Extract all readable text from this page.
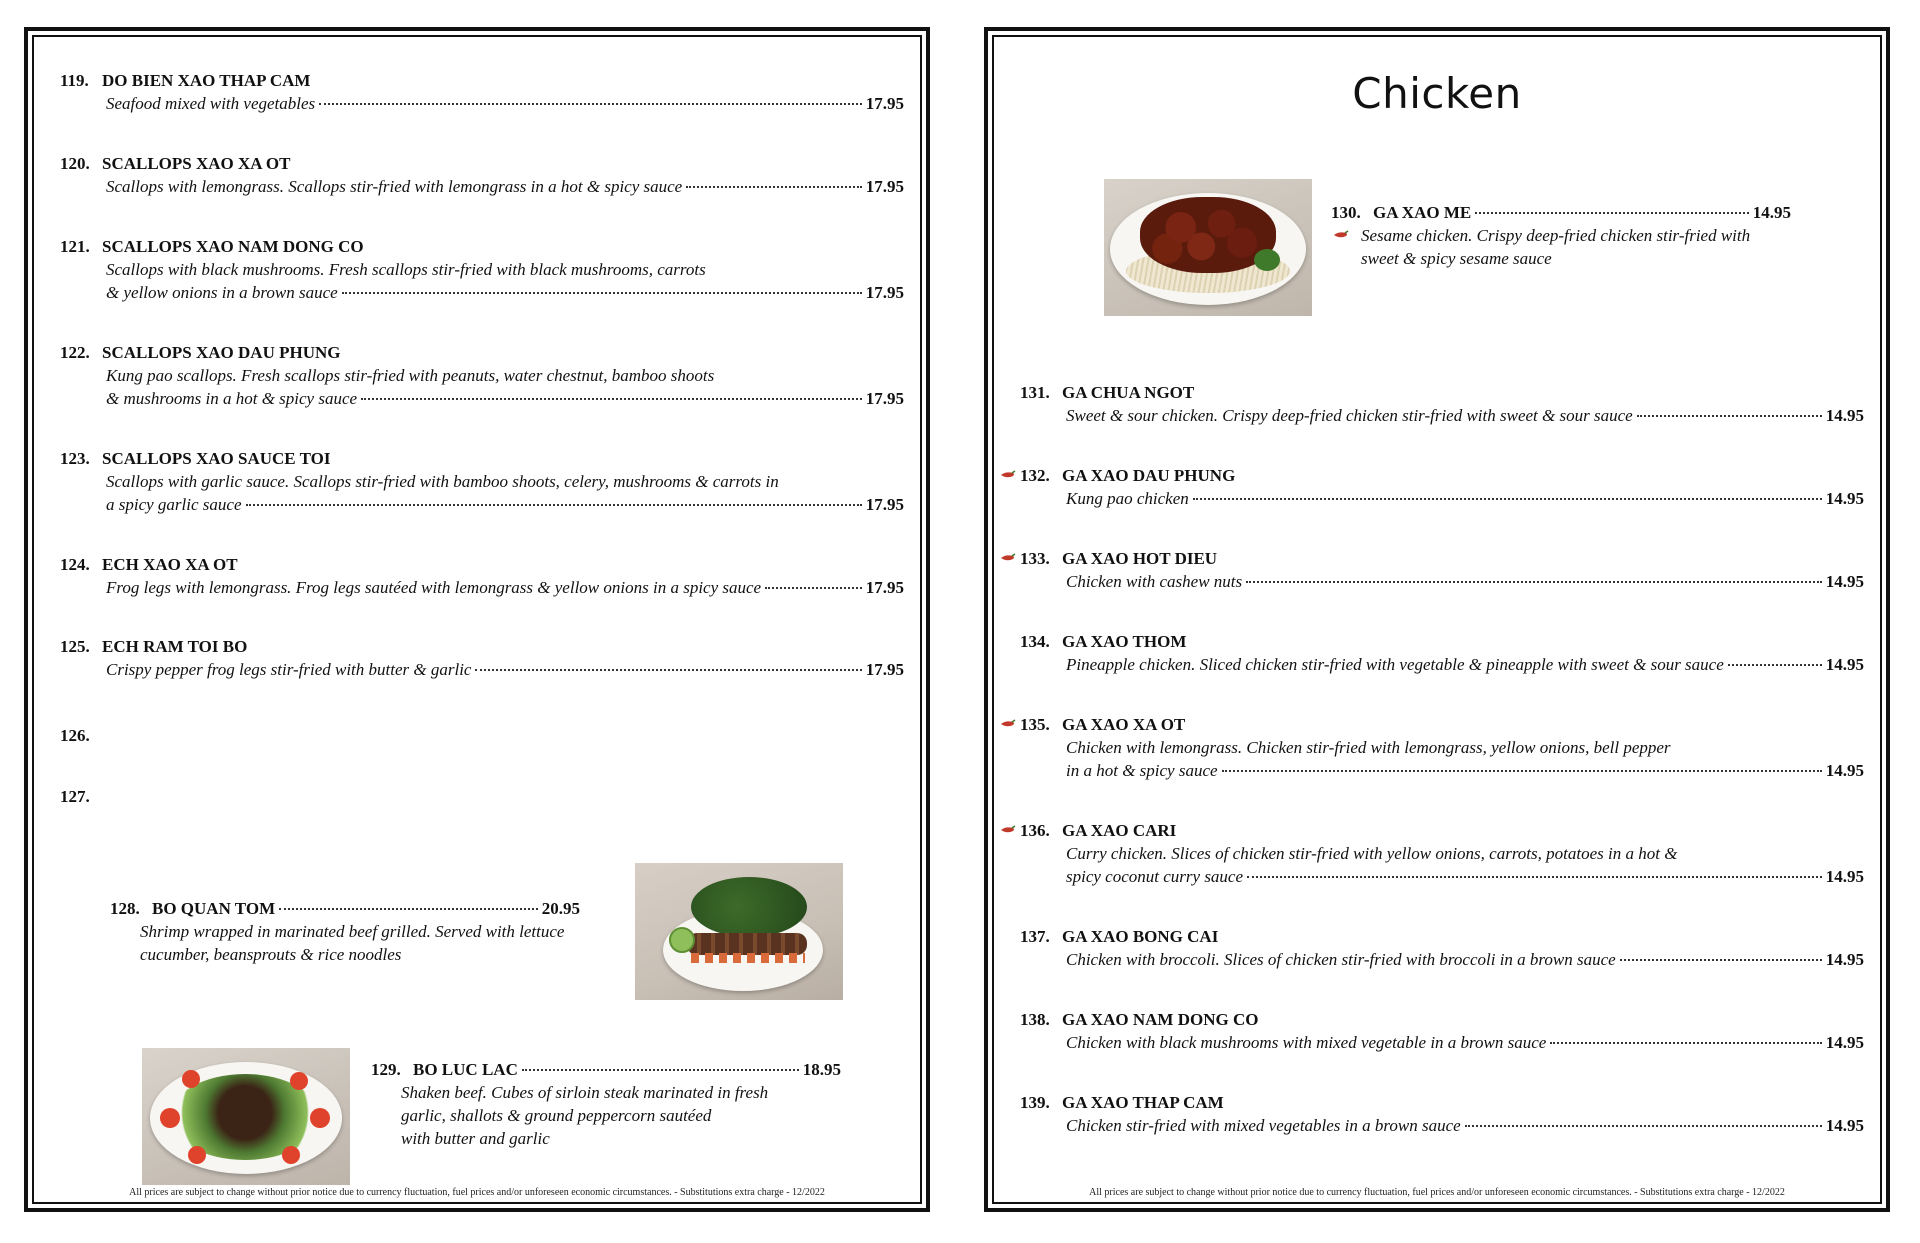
119. DO BIEN XAO THAP CAM
Seafood mixed with vegetables	17.95
120. SCALLOPS XAO XA OT
Scallops with lemongrass. Scallops stir-fried with lemongrass in a hot & spicy sauce	17.95
121. SCALLOPS XAO NAM DONG CO
Scallops with black mushrooms. Fresh scallops stir-fried with black mushrooms, carrots
& yellow onions in a brown sauce	17.95
122. SCALLOPS XAO DAU PHUNG
Kung pao scallops. Fresh scallops stir-fried with peanuts, water chestnut, bamboo shoots
& mushrooms in a hot & spicy sauce	17.95
123. SCALLOPS XAO SAUCE TOI
Scallops with garlic sauce. Scallops stir-fried with bamboo shoots, celery, mushrooms & carrots in
a spicy garlic sauce	17.95
124. ECH XAO XA OT
Frog legs with lemongrass. Frog legs sautéed with lemongrass & yellow onions in a spicy sauce	17.95
125. ECH RAM TOI BO
Crispy pepper frog legs stir-fried with butter & garlic	17.95
126.
127.
128. BO QUAN TOM	20.95
Shrimp wrapped in marinated beef grilled. Served with lettuce
cucumber, beansprouts & rice noodles
129. BO LUC LAC	18.95
Shaken beef. Cubes of sirloin steak marinated in fresh
garlic, shallots & ground peppercorn sautéed
with butter and garlic
All prices are subject to change without prior notice due to currency fluctuation, fuel prices and/or unforeseen economic circumstances. - Substitutions extra charge - 12/2022
Chicken
130. GA XAO ME	14.95
Sesame chicken. Crispy deep-fried chicken stir-fried with
sweet & spicy sesame sauce
131. GA CHUA NGOT
Sweet & sour chicken. Crispy deep-fried chicken stir-fried with sweet & sour sauce	14.95
132. GA XAO DAU PHUNG
Kung pao chicken	14.95
133. GA XAO HOT DIEU
Chicken with cashew nuts	14.95
134. GA XAO THOM
Pineapple chicken. Sliced chicken stir-fried with vegetable & pineapple with sweet & sour sauce	14.95
135. GA XAO XA OT
Chicken with lemongrass. Chicken stir-fried with lemongrass, yellow onions, bell pepper
in a hot & spicy sauce	14.95
136. GA XAO CARI
Curry chicken. Slices of chicken stir-fried with yellow onions, carrots, potatoes in a hot &
spicy coconut curry sauce	14.95
137. GA XAO BONG CAI
Chicken with broccoli. Slices of chicken stir-fried with broccoli in a brown sauce	14.95
138. GA XAO NAM DONG CO
Chicken with black mushrooms with mixed vegetable in a brown sauce	14.95
139. GA XAO THAP CAM
Chicken stir-fried with mixed vegetables in a brown sauce	14.95
All prices are subject to change without prior notice due to currency fluctuation, fuel prices and/or unforeseen economic circumstances. - Substitutions extra charge - 12/2022
